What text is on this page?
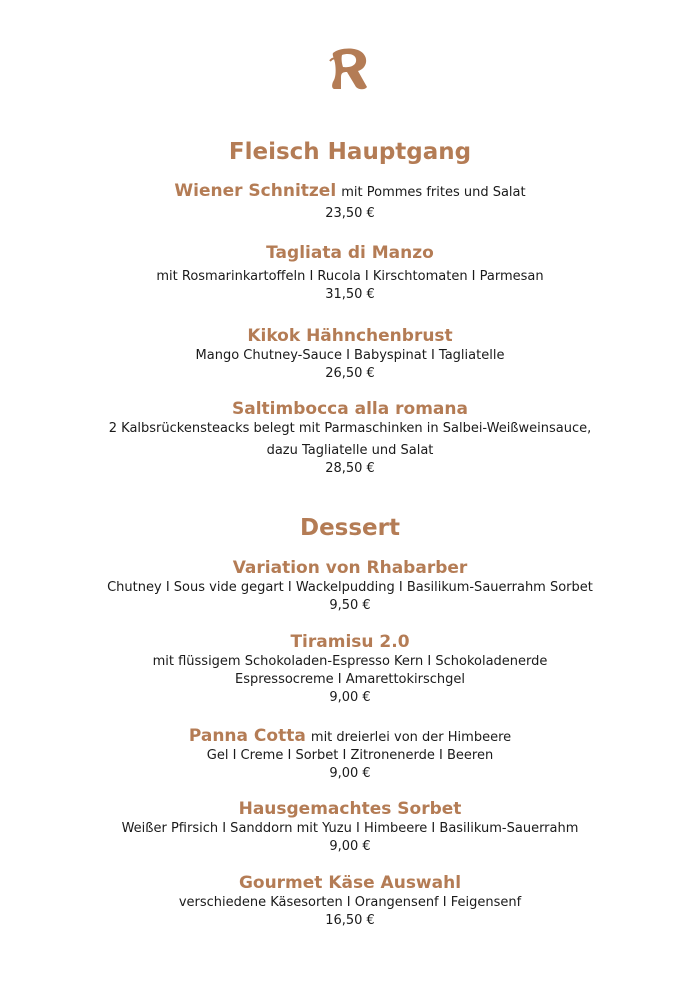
Fleisch Hauptgang
Wiener Schnitzel mit Pommes frites und Salat
23,50 €
Tagliata di Manzo
mit Rosmarinkartoffeln I Rucola I Kirschtomaten I Parmesan
31,50 €
Kikok Hähnchenbrust
Mango Chutney-Sauce I Babyspinat I Tagliatelle
26,50 €
Saltimbocca alla romana
2 Kalbsrückensteacks belegt mit Parmaschinken in Salbei-Weißweinsauce,
dazu Tagliatelle und Salat
28,50 €
Dessert
Variation von Rhabarber
Chutney I Sous vide gegart I Wackelpudding I Basilikum-Sauerrahm Sorbet
9,50 €
Tiramisu 2.0
mit flüssigem Schokoladen-Espresso Kern I Schokoladenerde
Espressocreme I Amarettokirschgel
9,00 €
Panna Cotta mit dreierlei von der Himbeere
Gel I Creme I Sorbet I Zitronenerde I Beeren
9,00 €
Hausgemachtes Sorbet
Weißer Pfirsich I Sanddorn mit Yuzu I Himbeere I Basilikum-Sauerrahm
9,00 €
Gourmet Käse Auswahl
verschiedene Käsesorten I Orangensenf I Feigensenf
16,50 €
